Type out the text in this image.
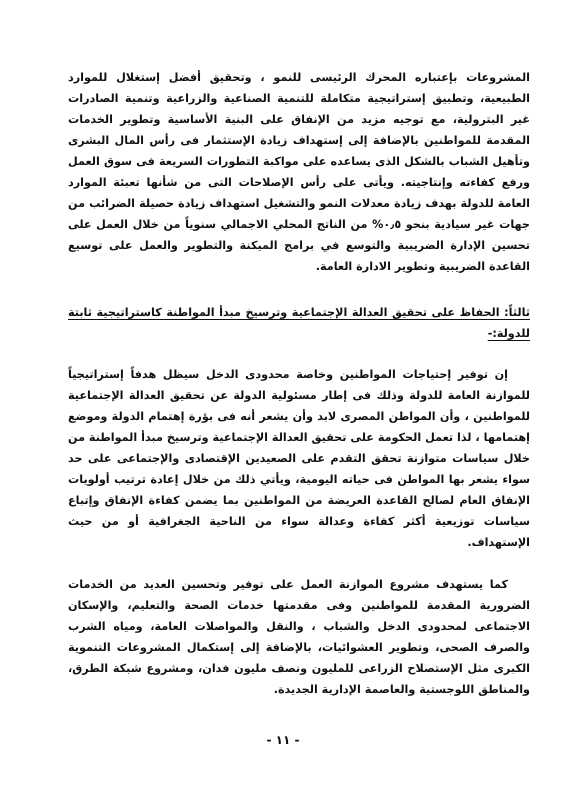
المشروعات بإعتباره المحرك الرئيسى للنمو ، وتحقيق أفضل إستغلال للموارد الطبيعية، وتطبيق إستراتيجية متكاملة للتنمية الصناعية والزراعية وتنمية الصادرات غير البترولية، مع توجيه مزيد من الإنفاق على البنية الأساسية وتطوير الخدمات المقدمة للمواطنين بالإضافة إلى إستهداف زيادة الإستثمار فى رأس المال البشرى وتأهيل الشباب بالشكل الذى يساعده على مواكبة التطورات السريعة فى سوق العمل ورفع كفاءته وإنتاجيته. ويأتى على رأس الإصلاحات التى من شأنها تعبئة الموارد العامة للدولة بهدف زيادة معدلات النمو والتشغيل استهداف زيادة حصيلة الضرائب من جهات غير سيادية بنحو ٠٫٥% من الناتج المحلي الاجمالي سنوياً من خلال العمل على تحسين الإدارة الضريبية والتوسع في برامج الميكنة والتطوير والعمل على توسيع القاعدة الضريبية وتطوير الادارة العامة.

ثالثاً: الحفاظ على تحقيق العدالة الإجتماعية وترسيخ مبدأ المواطنة كاستراتيجية ثابتة للدولة:-

إن توفير إحتياجات المواطنين وخاصة محدودى الدخل سيظل هدفاً إستراتيجياً للموازنة العامة للدولة وذلك فى إطار مسئولية الدولة عن تحقيق العدالة الإجتماعية للمواطنين ، وأن المواطن المصرى لابد وأن يشعر أنه فى بؤرة إهتمام الدولة وموضع إهتمامها ، لذا تعمل الحكومة على تحقيق العدالة الإجتماعية وترسيخ مبدأ المواطنة من خلال سياسات متوازنة تحقق التقدم على الصعيدين الإقتصادى والإجتماعى على حد سواء يشعر بها المواطن فى حياته اليومية، ويأتي ذلك من خلال إعادة ترتيب أولويات الإنفاق العام لصالح القاعدة العريضة من المواطنين بما يضمن كفاءة الإنفاق وإتباع سياسات توزيعية أكثر كفاءة وعدالة سواء من الناحية الجغرافية أو من حيث الإستهداف.

كما يستهدف مشروع الموازنة العمل على توفير وتحسين العديد من الخدمات الضرورية المقدمة للمواطنين وفى مقدمتها خدمات الصحة والتعليم، والإسكان الاجتماعى لمحدودى الدخل والشباب ، والنقل والمواصلات العامة، ومياه الشرب والصرف الصحى، وتطوير العشوائيات، بالإضافة إلى إستكمال المشروعات التنموية الكبرى مثل الإستصلاح الزراعى للمليون ونصف مليون فدان، ومشروع شبكة الطرق، والمناطق اللوجستية والعاصمة الإدارية الجديدة.

- ١١ -
